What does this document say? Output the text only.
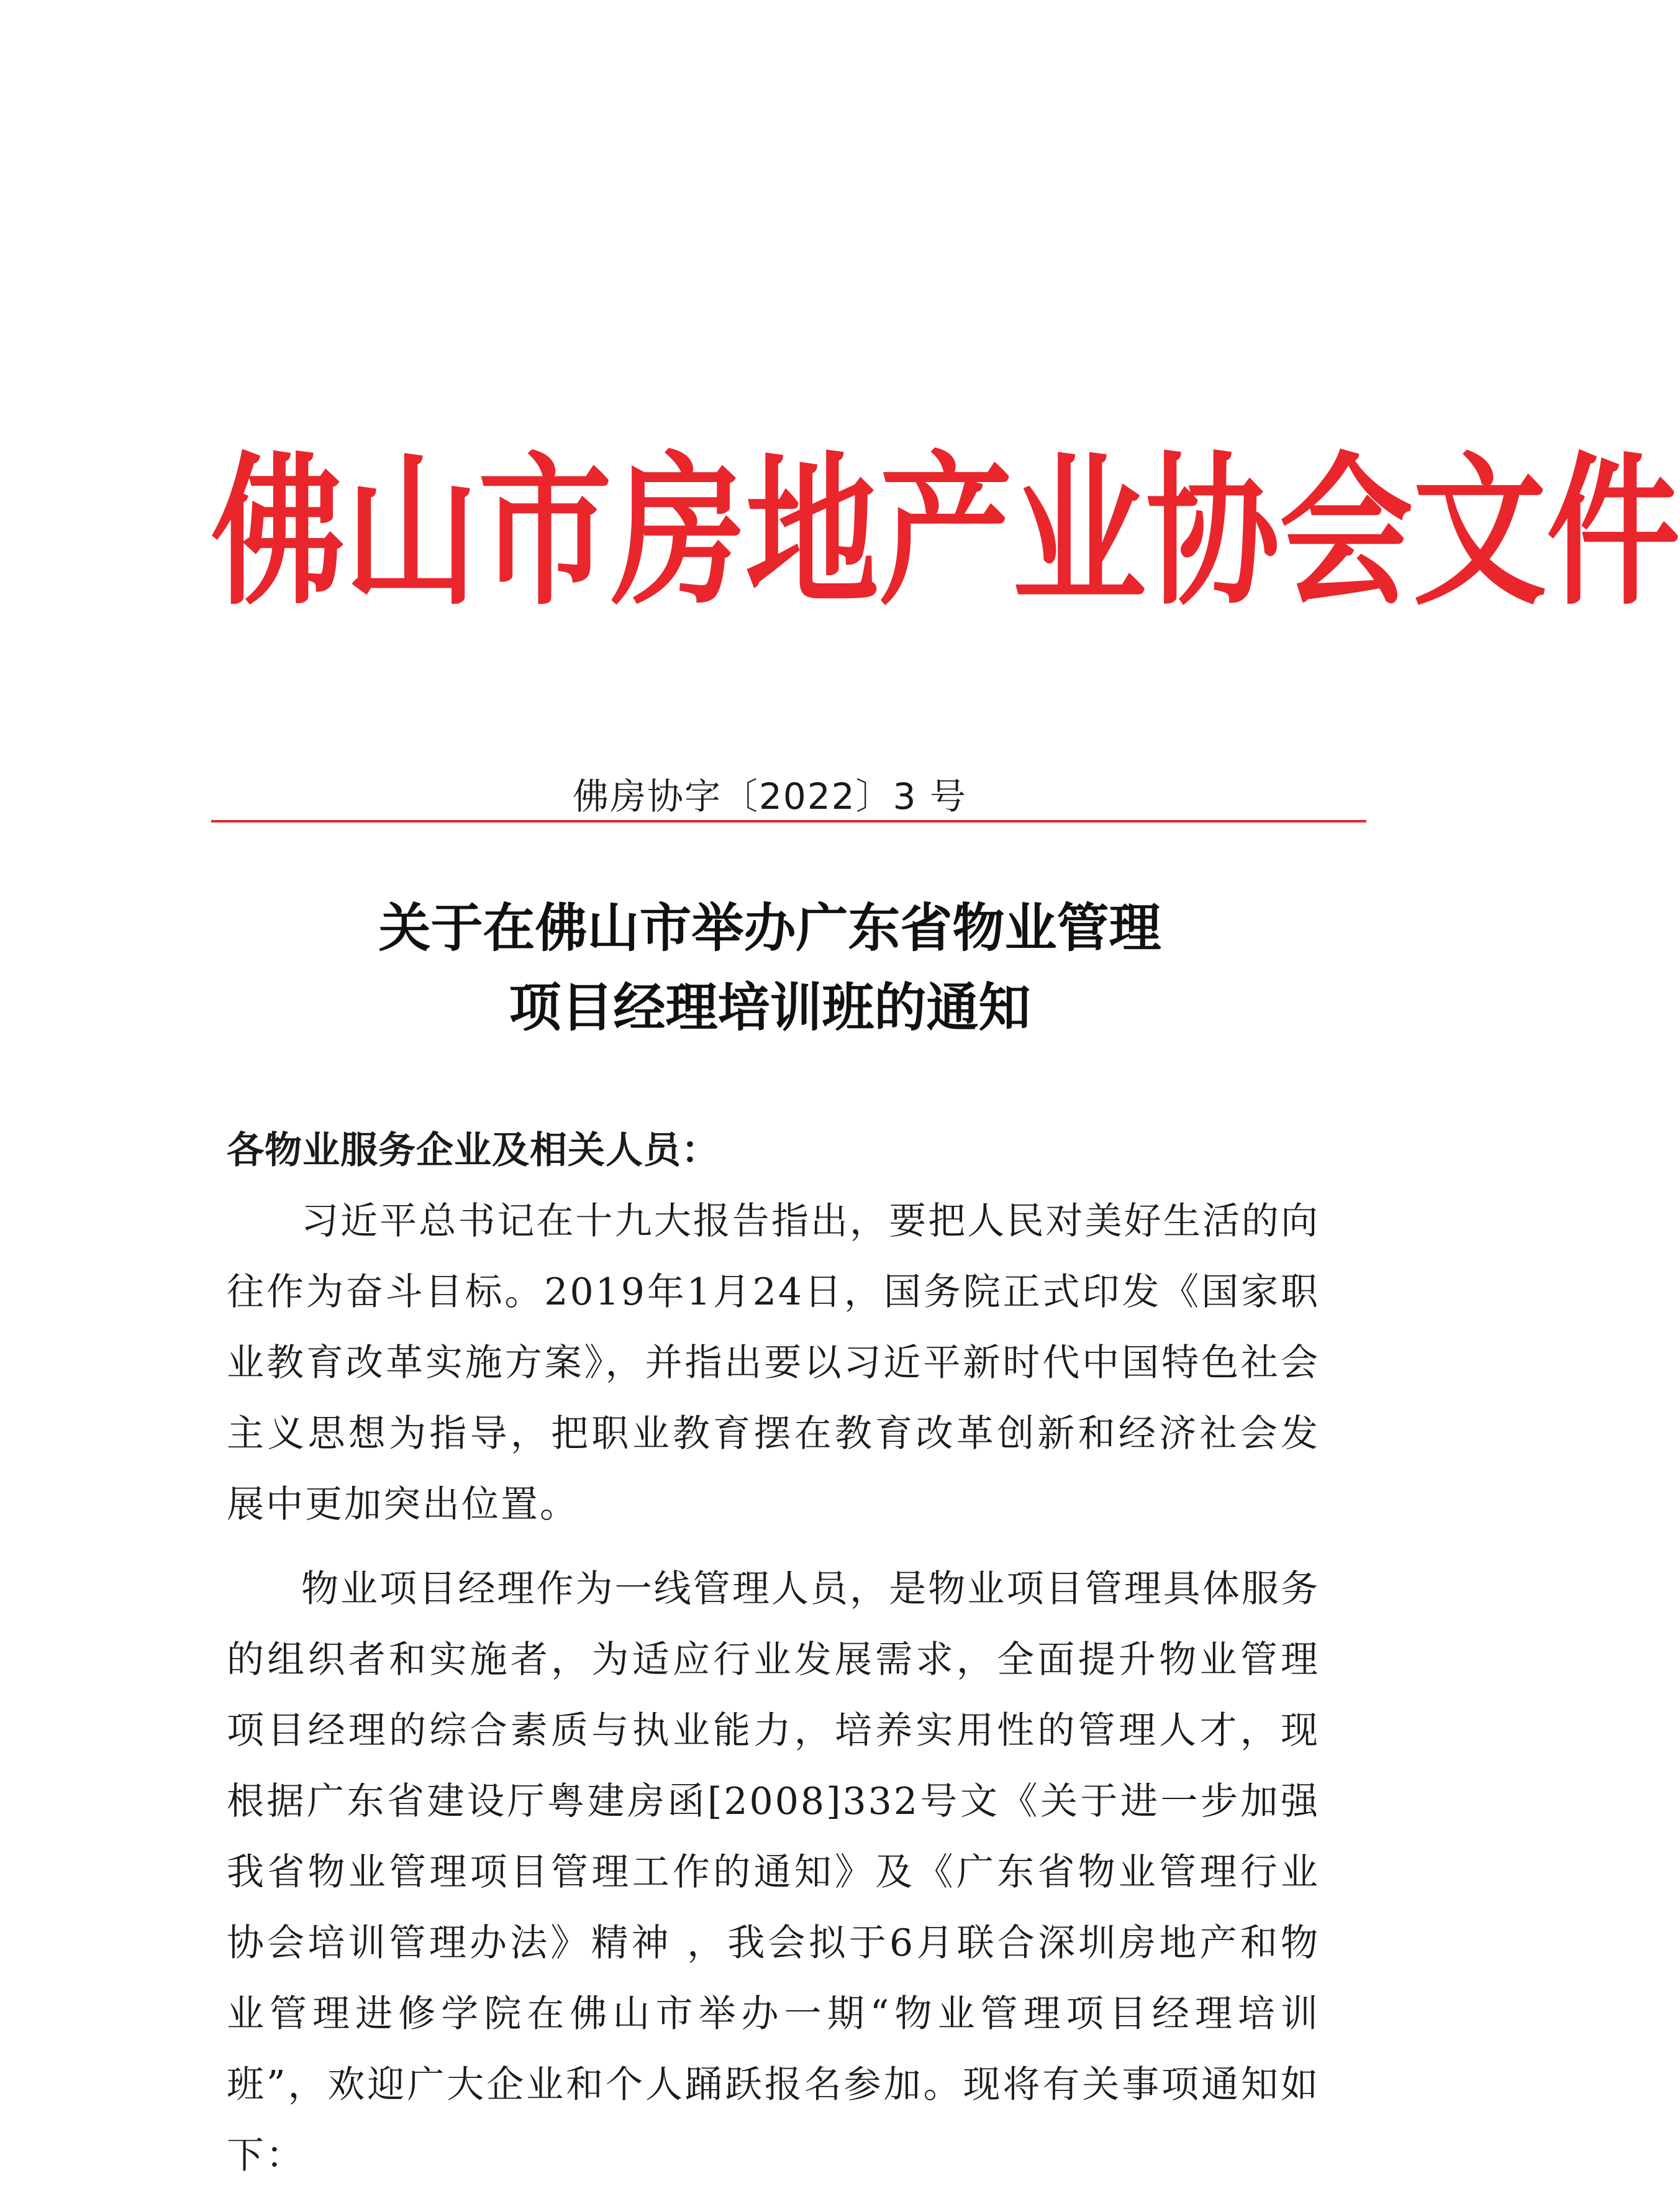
佛 山 市 房 地 产 业 协 会 文 件
佛房协字〔2022〕3 号
关于在佛山市举办广东省物业管理
项目经理培训班的通知
各物业服务企业及相关人员：

习近平总书记在十九大报告指出，要把人民对美好生活的向往作为奋斗目标。2019年1月24日，国务院正式印发《国家职业教育改革实施方案》，并指出要以习近平新时代中国特色社会主义思想为指导，把职业教育摆在教育改革创新和经济社会发展中更加突出位置。

物业项目经理作为一线管理人员，是物业项目管理具体服务的组织者和实施者，为适应行业发展需求，全面提升物业管理项目经理的综合素质与执业能力，培养实用性的管理人才，现根据广东省建设厅粤建房函[2008]332号文《关于进一步加强我省物业管理项目管理工作的通知》及《广东省物业管理行业协会培训管理办法》精神 ，我会拟于6月联合深圳房地产和物业管理进修学院在佛山市举办一期“物业管理项目经理培训班”，欢迎广大企业和个人踊跃报名参加。现将有关事项通知如下：
